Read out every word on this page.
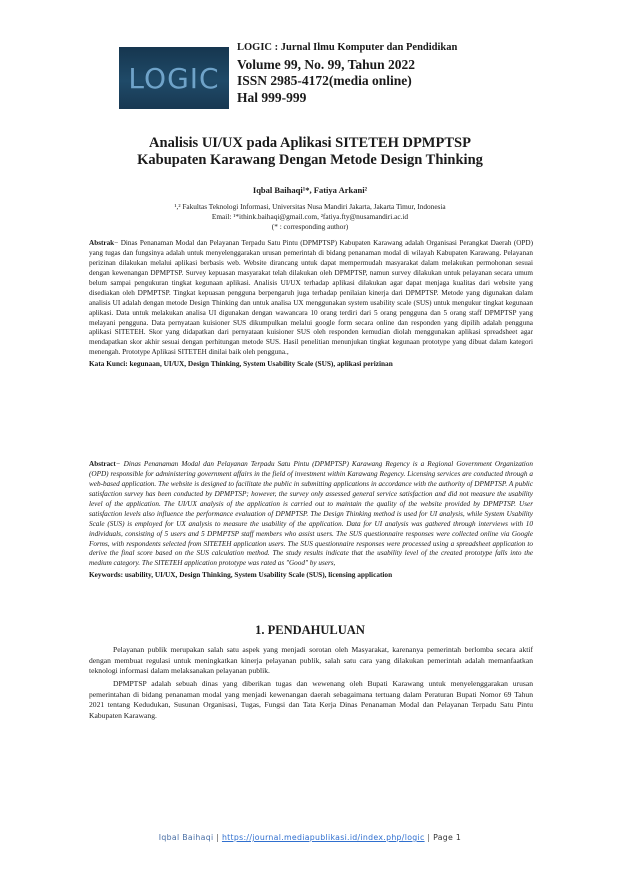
LOGIC
LOGIC : Jurnal Ilmu Komputer dan Pendidikan
Volume 99, No. 99, Tahun 2022
ISSN 2985-4172(media online)
Hal 999-999
Analisis UI/UX pada Aplikasi SITETEH DPMPTSP
Kabupaten Karawang Dengan Metode Design Thinking
Iqbal Baihaqi¹*, Fatiya Arkani²
¹,² Fakultas Teknologi Informasi, Universitas Nusa Mandiri Jakarta, Jakarta Timur, Indonesia
Email: ¹*ithink.baihaqi@gmail.com, ²fatiya.fty@nusamandiri.ac.id
(* : corresponding author)
Abstrak− Dinas Penanaman Modal dan Pelayanan Terpadu Satu Pintu (DPMPTSP) Kabupaten Karawang adalah Organisasi Perangkat Daerah (OPD) yang tugas dan fungsinya adalah untuk menyelenggarakan urusan pemerintah di bidang penanaman modal di wilayah Kabupaten Karawang. Pelayanan perizinan dilakukan melalui aplikasi berbasis web. Website dirancang untuk dapat mempermudah masyarakat dalam melakukan permohonan sesuai dengan kewenangan DPMPTSP. Survey kepuasan masyarakat telah dilakukan oleh DPMPTSP, namun survey dilakukan untuk pelayanan secara umum belum sampai pengukuran tingkat kegunaan aplikasi. Analisis UI/UX terhadap aplikasi dilakukan agar dapat menjaga kualitas dari website yang disediakan oleh DPMPTSP. Tingkat kepuasan pengguna berpengaruh juga terhadap penilaian kinerja dari DPMPTSP. Metode yang digunakan dalam analisis UI adalah dengan metode Design Thinking dan untuk analisa UX menggunakan system usability scale (SUS) untuk mengukur tingkat kegunaan aplikasi. Data untuk melakukan analisa UI digunakan dengan wawancara 10 orang terdiri dari 5 orang pengguna dan 5 orang staff DPMPTSP yang melayani pengguna. Data pernyataan kuisioner SUS dikumpulkan melalui google form secara online dan responden yang dipilih adalah pengguna aplikasi SITETEH. Skor yang didapatkan dari pernyataan kuisioner SUS oleh responden kemudian diolah menggunakan aplikasi spreadsheet agar mendapatkan skor akhir sesuai dengan perhitungan metode SUS. Hasil penelitian menunjukan tingkat kegunaan prototype yang dibuat dalam kategori menengah. Prototype Aplikasi SITETEH dinilai baik oleh pengguna.,
Kata Kunci: kegunaan, UI/UX, Design Thinking, System Usability Scale (SUS), aplikasi perizinan
Abstract− Dinas Penanaman Modal dan Pelayanan Terpadu Satu Pintu (DPMPTSP) Karawang Regency is a Regional Government Organization (OPD) responsible for administering government affairs in the field of investment within Karawang Regency. Licensing services are conducted through a web-based application. The website is designed to facilitate the public in submitting applications in accordance with the authority of DPMPTSP. A public satisfaction survey has been conducted by DPMPTSP; however, the survey only assessed general service satisfaction and did not measure the usability level of the application. The UI/UX analysis of the application is carried out to maintain the quality of the website provided by DPMPTSP. User satisfaction levels also influence the performance evaluation of DPMPTSP. The Design Thinking method is used for UI analysis, while System Usability Scale (SUS) is employed for UX analysis to measure the usability of the application. Data for UI analysis was gathered through interviews with 10 individuals, consisting of 5 users and 5 DPMPTSP staff members who assist users. The SUS questionnaire responses were collected online via Google Forms, with respondents selected from SITETEH application users. The SUS questionnaire responses were processed using a spreadsheet application to derive the final score based on the SUS calculation method. The study results indicate that the usability level of the created prototype falls into the medium category. The SITETEH application prototype was rated as "Good" by users,
Keywords: usability, UI/UX, Design Thinking, System Usability Scale (SUS), licensing application
1. PENDAHULUAN

Pelayanan publik merupakan salah satu aspek yang menjadi sorotan oleh Masyarakat, karenanya pemerintah berlomba secara aktif dengan membuat regulasi untuk meningkatkan kinerja pelayanan publik, salah satu cara yang dilakukan pemerintah adalah memanfaatkan teknologi informasi dalam melaksanakan pelayanan publik.

DPMPTSP adalah sebuah dinas yang diberikan tugas dan wewenang oleh Bupati Karawang untuk menyelenggarakan urusan pemerintahan di bidang penanaman modal yang menjadi kewenangan daerah sebagaimana tertuang dalam Peraturan Bupati Nomor 69 Tahun 2021 tentang Kedudukan, Susunan Organisasi, Tugas, Fungsi dan Tata Kerja Dinas Penanaman Modal dan Pelayanan Terpadu Satu Pintu Kabupaten Karawang.

Iqbal Baihaqi | https://journal.mediapublikasi.id/index.php/logic | Page 1
